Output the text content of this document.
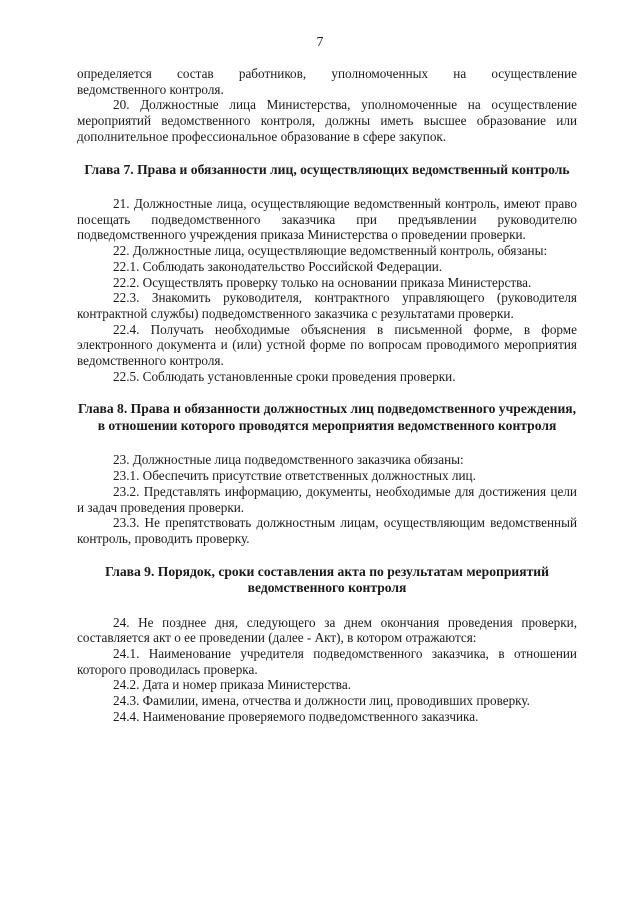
7

определяется состав работников, уполномоченных на осуществление

ведомственного контроля.

20. Должностные лица Министерства, уполномоченные на осуществление мероприятий ведомственного контроля, должны иметь высшее образование или дополнительное профессиональное образование в сфере закупок.

Глава 7. Права и обязанности лиц, осуществляющих ведомственный контроль

21. Должностные лица, осуществляющие ведомственный контроль, имеют право посещать подведомственного заказчика при предъявлении руководителю подведомственного учреждения приказа Министерства о проведении проверки.

22. Должностные лица, осуществляющие ведомственный контроль, обязаны:

22.1. Соблюдать законодательство Российской Федерации.

22.2. Осуществлять проверку только на основании приказа Министерства.

22.3. Знакомить руководителя, контрактного управляющего (руководителя контрактной службы) подведомственного заказчика с результатами проверки.

22.4. Получать необходимые объяснения в письменной форме, в форме электронного документа и (или) устной форме по вопросам проводимого мероприятия ведомственного контроля.

22.5. Соблюдать установленные сроки проведения проверки.

Глава 8. Права и обязанности должностных лиц подведомственного учреждения, в отношении которого проводятся мероприятия ведомственного контроля

23. Должностные лица подведомственного заказчика обязаны:

23.1. Обеспечить присутствие ответственных должностных лиц.

23.2. Представлять информацию, документы, необходимые для достижения цели и задач проведения проверки.

23.3. Не препятствовать должностным лицам, осуществляющим ведомственный контроль, проводить проверку.

Глава 9. Порядок, сроки составления акта по результатам мероприятий ведомственного контроля

24. Не позднее дня, следующего за днем окончания проведения проверки, составляется акт о ее проведении (далее - Акт), в котором отражаются:

24.1. Наименование учредителя подведомственного заказчика, в отношении которого проводилась проверка.

24.2. Дата и номер приказа Министерства.

24.3. Фамилии, имена, отчества и должности лиц, проводивших проверку.

24.4. Наименование проверяемого подведомственного заказчика.
